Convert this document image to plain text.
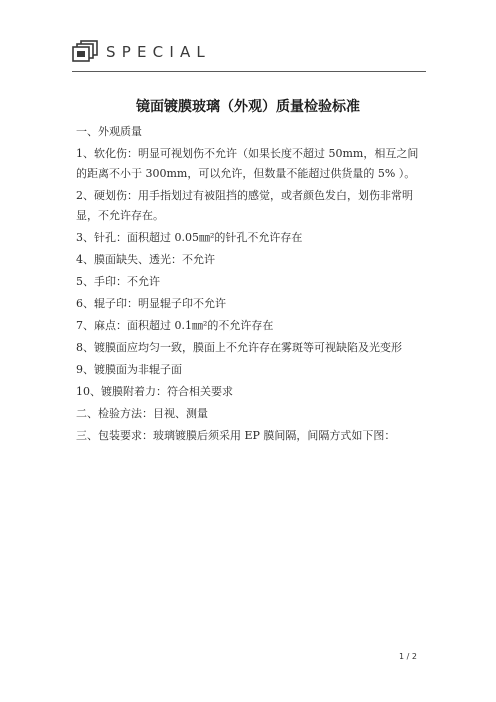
SPECIAL
镜面镀膜玻璃（外观）质量检验标准
一、外观质量
1、软化伤：明显可视划伤不允许（如果长度不超过 50mm，相互之间
的距离不小于 300mm，可以允许，但数量不能超过供货量的 5% ）。
2、硬划伤：用手指划过有被阻挡的感觉，或者颜色发白，划伤非常明
显，不允许存在。
3、针孔：面积超过 0.05㎜²的针孔不允许存在
4、膜面缺失、透光：不允许
5、手印：不允许
6、辊子印：明显辊子印不允许
7、麻点：面积超过 0.1㎜²的不允许存在
8、镀膜面应均匀一致，膜面上不允许存在雾斑等可视缺陷及光变形
9、镀膜面为非辊子面
10、镀膜附着力：符合相关要求
二、检验方法：目视、测量
三、包装要求：玻璃镀膜后须采用 EP 膜间隔，间隔方式如下图：
1 / 2
